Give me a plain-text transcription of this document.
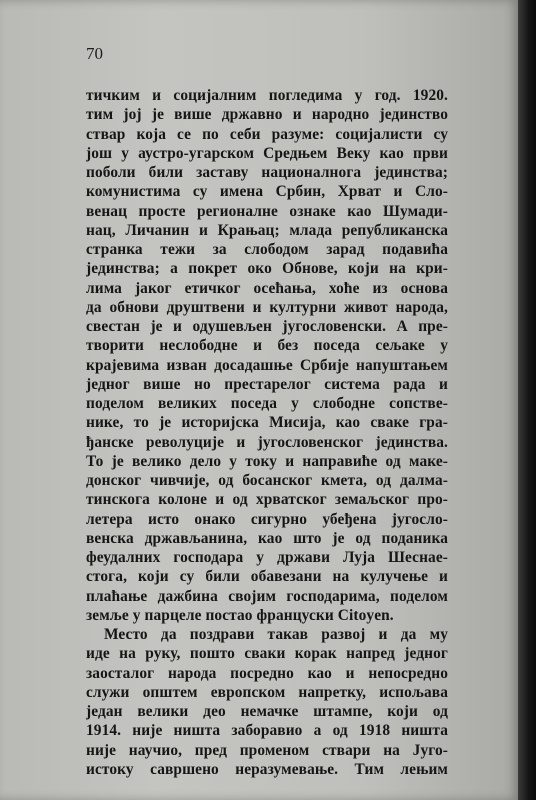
70
тичким и социјалним погледима у год. 1920.
тим јој је више државно и народно јединство
ствар која се по себи разуме: социјалисти су
још у аустро-угарском Средњем Веку као први
поболи били заставу националнога јединства;
комунистима су имена Србин, Хрват и Сло-
венац просте регионалне ознаке као Шумади-
нац, Личанин и Крањац; млада републиканска
странка тежи за слободом зарад подавића
јединства; а покрет око Обнове, који на кри-
лима јаког етичког осећања, хоће из основа
да обнови друштвени и културни живот народа,
свестан је и одушевљен југословенски. А пре-
творити неслободне и без поседа сељаке у
крајевима изван досадашње Србије напуштањем
једног више но престарелог система рада и
поделом великих поседа у слободне сопстве-
нике, то је историјска Мисија, као сваке гра-
ђанске револуције и југословенског јединства.
То је велико дело у току и направиће од маке-
донског чивчије, од босанског кмета, од далма-
тинскога колоне и од хрватског земаљског про-
летера исто онако сигурно убеђена југосло-
венска држављанина, као што је од поданика
феудалних господара у држави Луја Шеснае-
стога, који су били обавезани на кулучење и
плаћање дажбина својим господарима, поделом
земље у парцеле постао француски Citoyen.
Место да поздрави такав развој и да му
иде на руку, пошто сваки корак напред једног
заосталог народа посредно као и непосредно
служи општем европском напретку, испољава
један велики део немачке штампе, који од
1914. није ништа заборавио а од 1918 ништа
није научио, пред променом ствари на Југо-
истоку савршено неразумевање. Тим лењим
